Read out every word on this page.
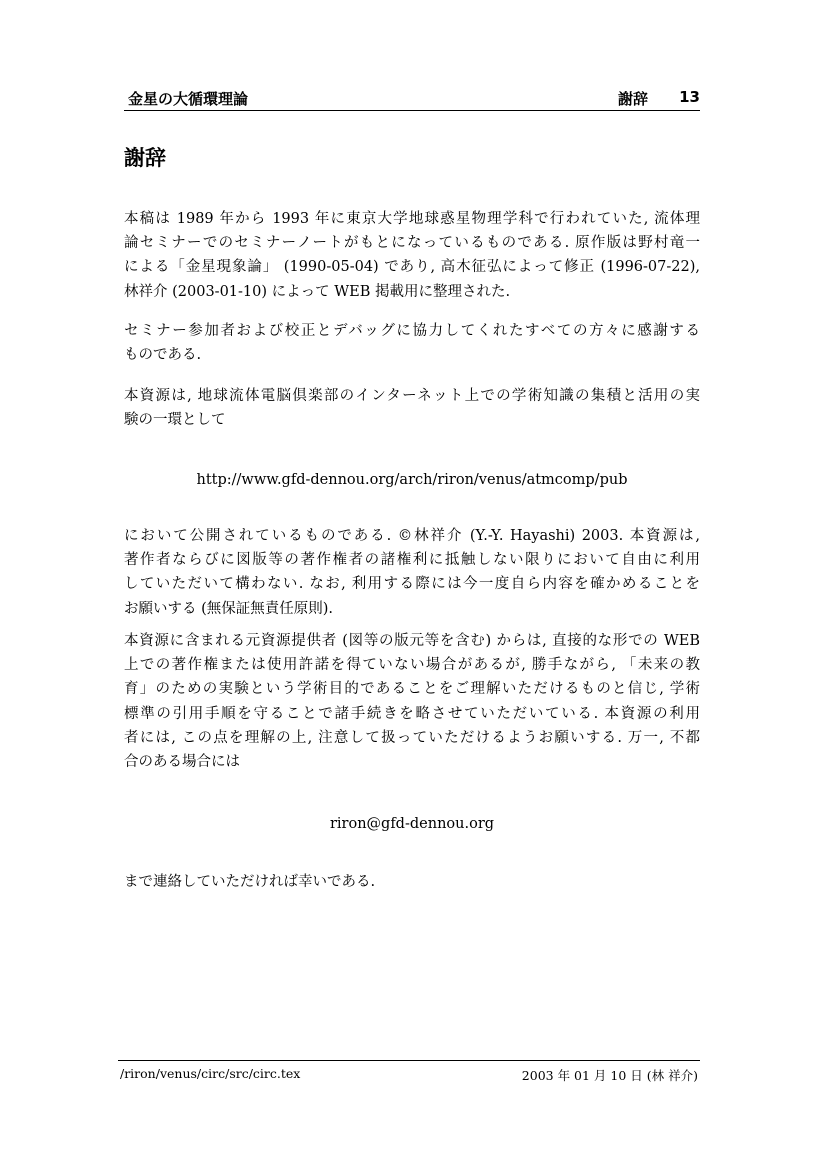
金星の大循環理論	謝辞 13
謝辞
本稿は 1989 年から 1993 年に東京大学地球惑星物理学科で行われていた, 流体理
論セミナーでのセミナーノートがもとになっているものである. 原作版は野村竜一
による「金星現象論」 (1990-05-04) であり, 高木征弘によって修正 (1996-07-22),
林祥介 (2003-01-10) によって WEB 掲載用に整理された.
セミナー参加者および校正とデバッグに協力してくれたすべての方々に感謝する
ものである.
本資源は, 地球流体電脳倶楽部のインターネット上での学術知識の集積と活用の実
験の一環として
http://www.gfd-dennou.org/arch/riron/venus/atmcomp/pub
において公開されているものである. ©林祥介 (Y.-Y. Hayashi) 2003. 本資源は,
著作者ならびに図版等の著作権者の諸権利に抵触しない限りにおいて自由に利用
していただいて構わない. なお, 利用する際には今一度自ら内容を確かめることを
お願いする (無保証無責任原則).
本資源に含まれる元資源提供者 (図等の版元等を含む) からは, 直接的な形での WEB
上での著作権または使用許諾を得ていない場合があるが, 勝手ながら, 「未来の教
育」のための実験という学術目的であることをご理解いただけるものと信じ, 学術
標準の引用手順を守ることで諸手続きを略させていただいている. 本資源の利用
者には, この点を理解の上, 注意して扱っていただけるようお願いする. 万一, 不都
合のある場合には
riron@gfd-dennou.org
まで連絡していただければ幸いである.
/riron/venus/circ/src/circ.tex	2003 年 01 月 10 日 (林 祥介)
